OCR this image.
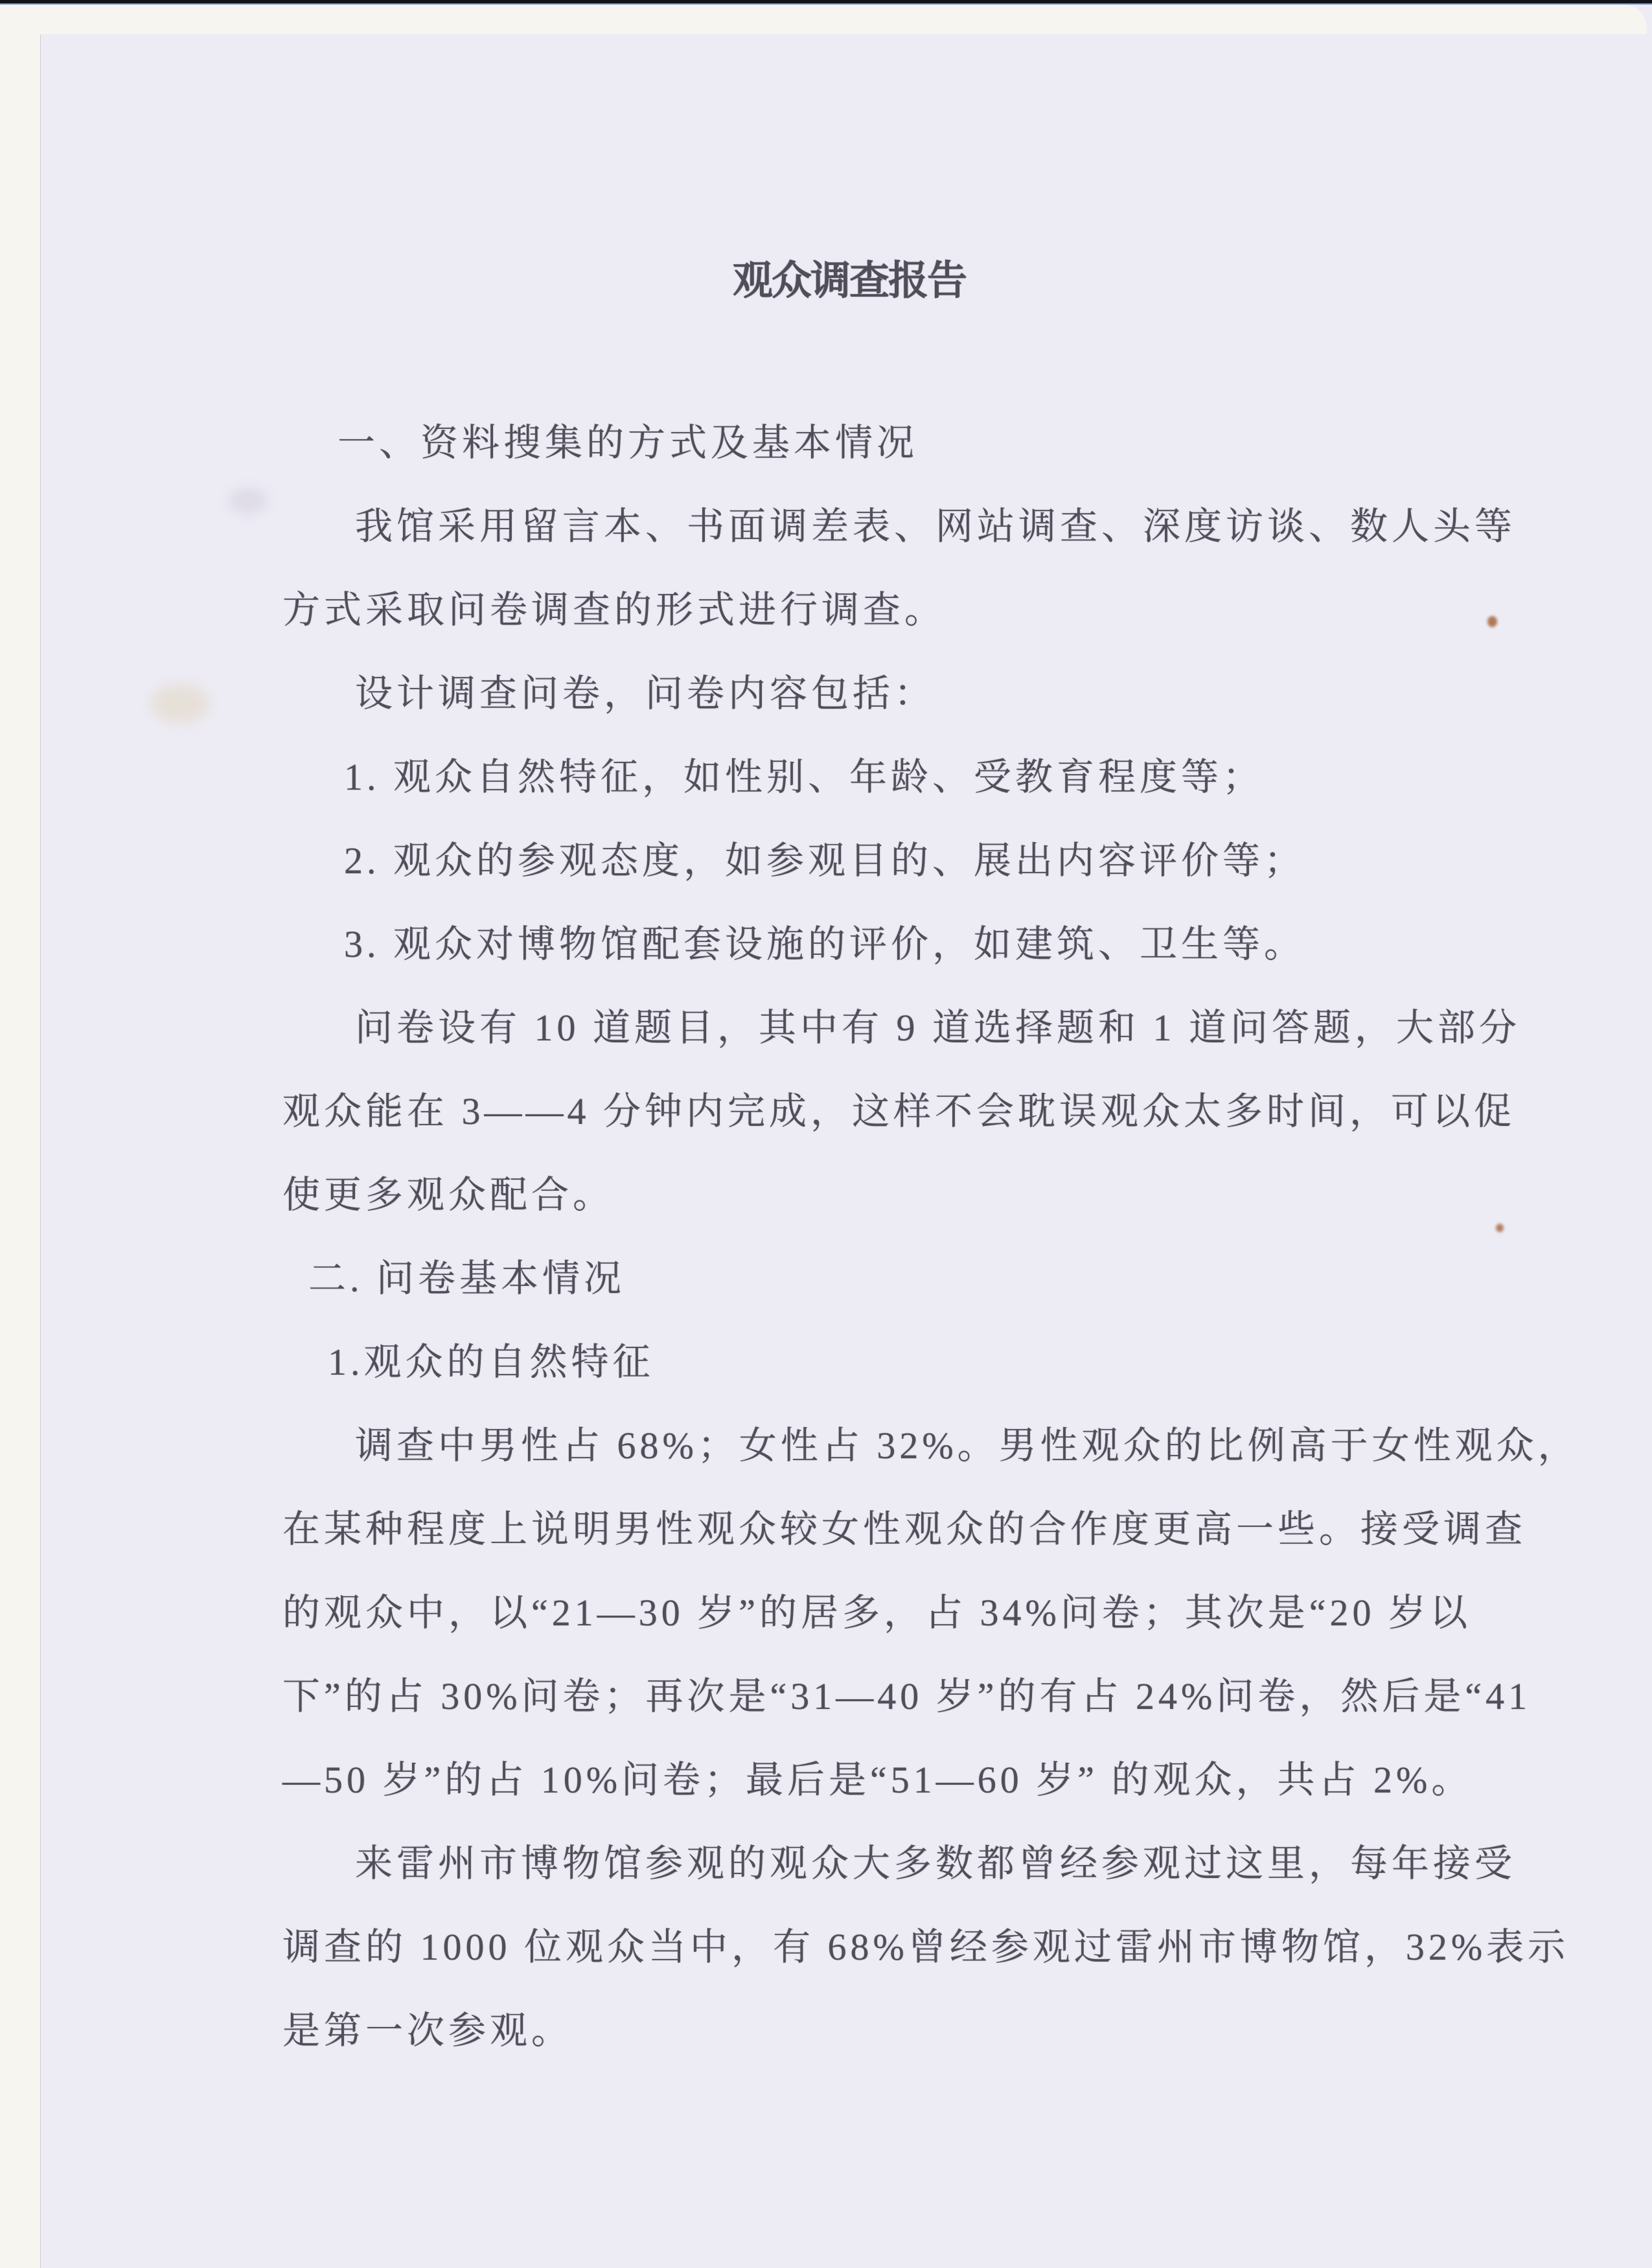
观众调查报告
一、资料搜集的方式及基本情况
我馆采用留言本、书面调差表、网站调查、深度访谈、数人头等
方式采取问卷调查的形式进行调查。
设计调查问卷，问卷内容包括：
1. 观众自然特征，如性别、年龄、受教育程度等；
2. 观众的参观态度，如参观目的、展出内容评价等；
3. 观众对博物馆配套设施的评价，如建筑、卫生等。
问卷设有 10 道题目，其中有 9 道选择题和 1 道问答题，大部分
观众能在 3——4 分钟内完成，这样不会耽误观众太多时间，可以促
使更多观众配合。
二. 问卷基本情况
1.观众的自然特征
调查中男性占 68%；女性占 32%。男性观众的比例高于女性观众，
在某种程度上说明男性观众较女性观众的合作度更高一些。接受调查
的观众中，以“21—30 岁”的居多，占 34%问卷；其次是“20 岁以
下”的占 30%问卷；再次是“31—40 岁”的有占 24%问卷，然后是“41
—50 岁”的占 10%问卷；最后是“51—60 岁” 的观众，共占 2%。
来雷州市博物馆参观的观众大多数都曾经参观过这里，每年接受
调查的 1000 位观众当中，有 68%曾经参观过雷州市博物馆，32%表示
是第一次参观。
